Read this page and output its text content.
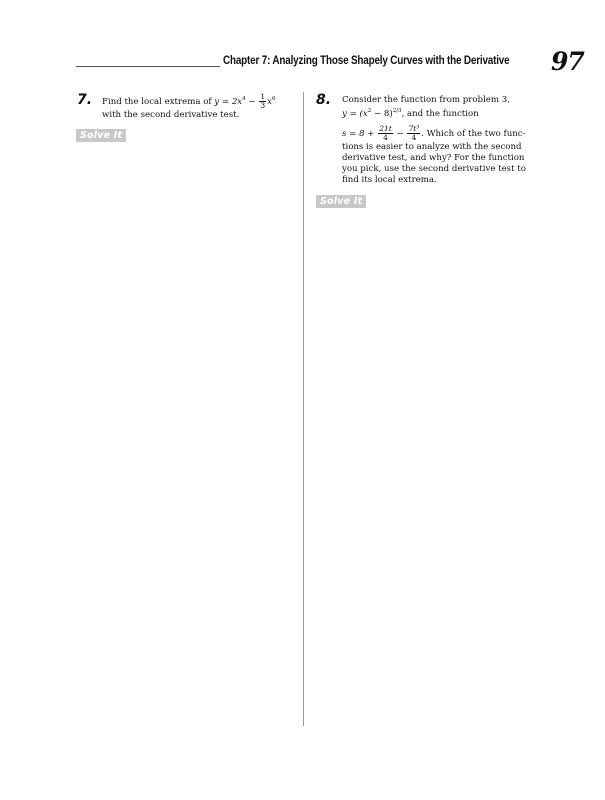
Chapter 7: Analyzing Those Shapely Curves with the Derivative 97
7. Find the local extrema of $y = 2x^4 - \frac{1}{3} x^6$
with the second derivative test.
Solve It
8. Consider the function from problem 3,
$y = (x^2 - 8)^{2/3}$, and the function
$s = 8 + \frac{21t}{4} - \frac{\text{7t³}}{4}$ . Which of the two func-
tions is easier to analyze with the second
derivative test, and why? For the function
you pick, use the second derivative test to
find its local extrema.
Solve It
